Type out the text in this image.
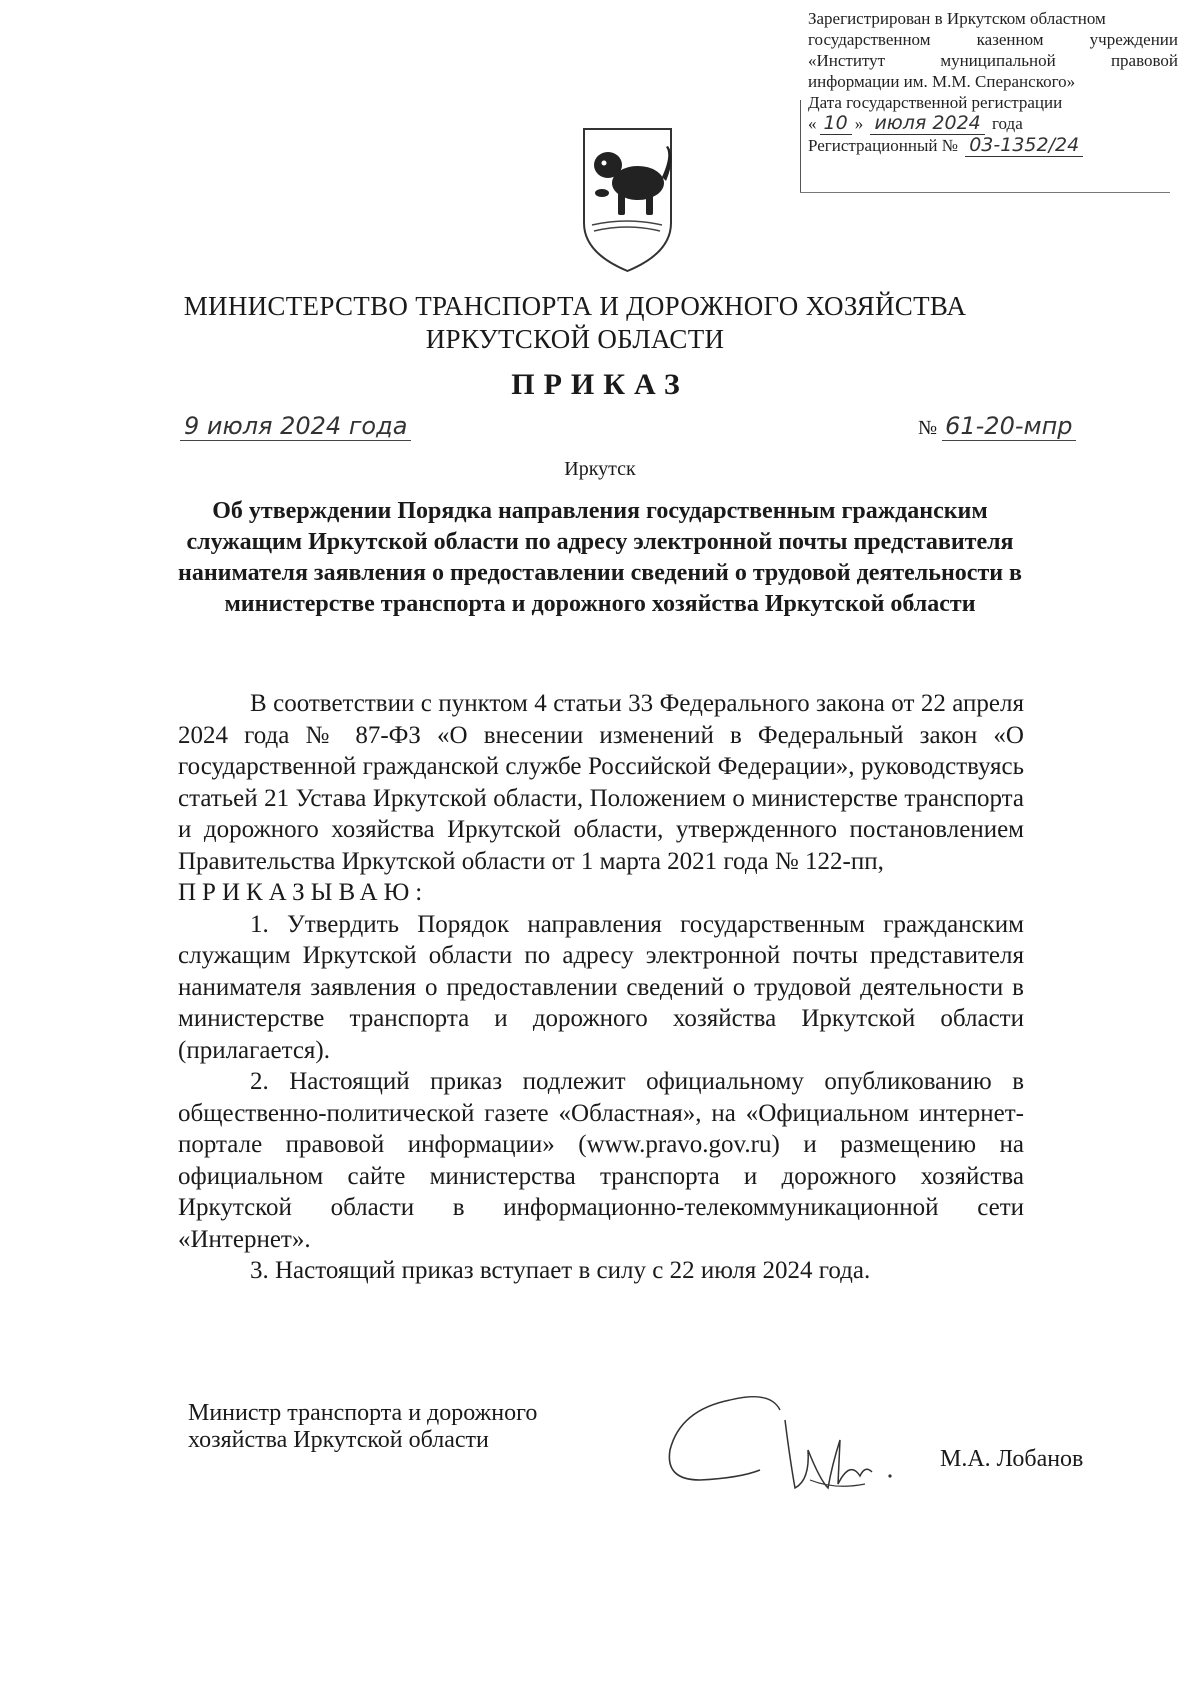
Зарегистрирован в Иркутском областном
государственном казенном учреждении
«Институт муниципальной правовой
информации им. М.М. Сперанского»
Дата государственной регистрации
« 10 » июля 2024 года
Регистрационный № 03-1352/24
МИНИСТЕРСТВО ТРАНСПОРТА И ДОРОЖНОГО ХОЗЯЙСТВА
ИРКУТСКОЙ ОБЛАСТИ
ПРИКАЗ
9 июля 2024 года	№ 61-20-мпр
Иркутск
Об утверждении Порядка направления государственным гражданским служащим Иркутской области по адресу электронной почты представителя нанимателя заявления о предоставлении сведений о трудовой деятельности в министерстве транспорта и дорожного хозяйства Иркутской области

В соответствии с пунктом 4 статьи 33 Федерального закона от 22 апреля 2024 года № 87-ФЗ «О внесении изменений в Федеральный закон «О государственной гражданской службе Российской Федерации», руководствуясь статьей 21 Устава Иркутской области, Положением о министерстве транспорта и дорожного хозяйства Иркутской области, утвержденного постановлением Правительства Иркутской области от 1 марта 2021 года № 122-пп,

ПРИКАЗЫВАЮ:

1. Утвердить Порядок направления государственным гражданским служащим Иркутской области по адресу электронной почты представителя нанимателя заявления о предоставлении сведений о трудовой деятельности в министерстве транспорта и дорожного хозяйства Иркутской области (прилагается).

2. Настоящий приказ подлежит официальному опубликованию в общественно-политической газете «Областная», на «Официальном интернет-портале правовой информации» (www.pravo.gov.ru) и размещению на официальном сайте министерства транспорта и дорожного хозяйства Иркутской области в информационно-телекоммуникационной сети «Интернет».

3. Настоящий приказ вступает в силу с 22 июля 2024 года.

Министр транспорта и дорожного
хозяйства Иркутской области
М.А. Лобанов
